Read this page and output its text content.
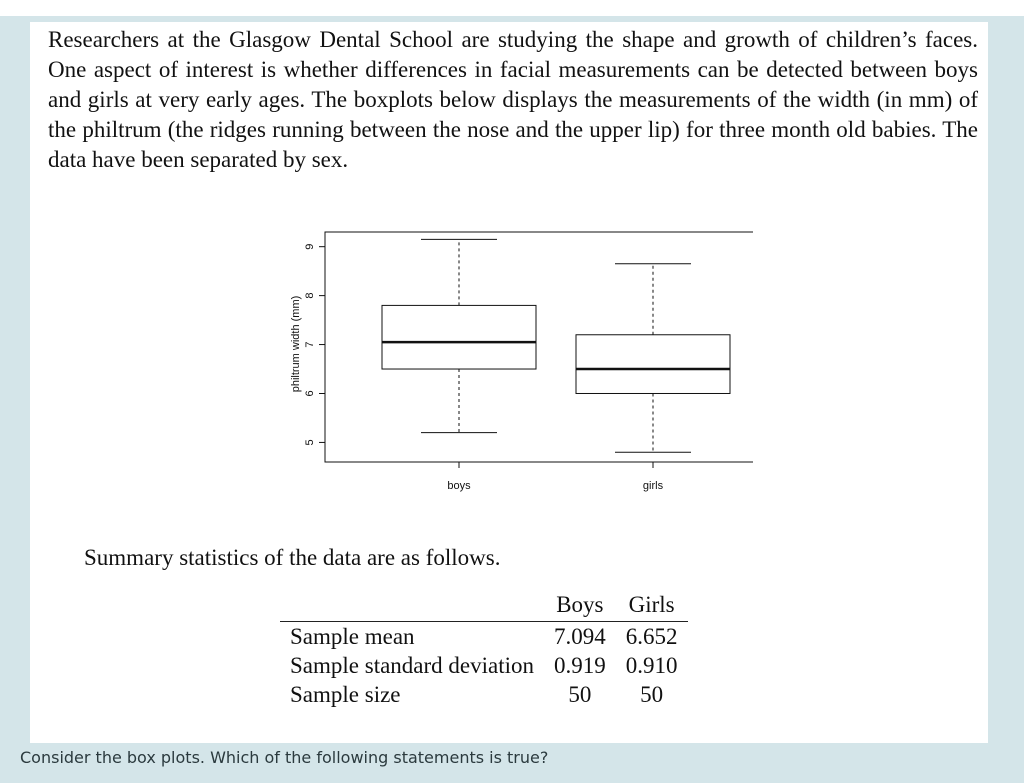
Researchers at the Glasgow Dental School are studying the shape and growth of children’s faces. One aspect of interest is whether differences in facial measurements can be detected between boys and girls at very early ages. The boxplots below displays the measurements of the width (in mm) of the philtrum (the ridges running between the nose and the upper lip) for three month old babies. The data have been separated by sex.

5
6
7
8
9
philtrum width (mm)
boys	girls

Summary statistics of the data are as follows.

	Boys	Girls
Sample mean	7.094	6.652
Sample standard deviation	0.919	0.910
Sample size	50	50

Consider the box plots. Which of the following statements is true?
